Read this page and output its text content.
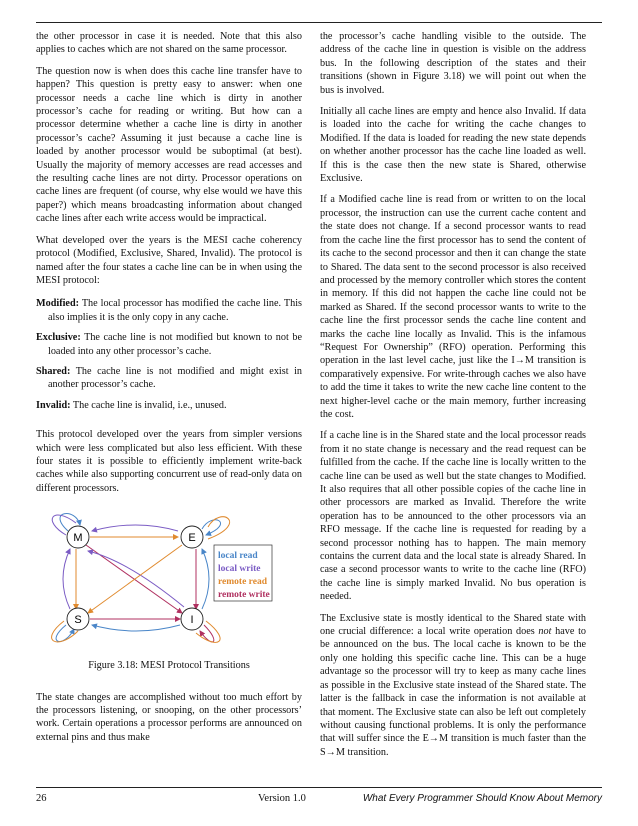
the other processor in case it is needed. Note that this also applies to caches which are not shared on the same processor.

The question now is when does this cache line transfer have to happen? This question is pretty easy to answer: when one processor needs a cache line which is dirty in another processor’s cache for reading or writing. But how can a processor determine whether a cache line is dirty in another processor’s cache? Assuming it just because a cache line is loaded by another processor would be suboptimal (at best). Usually the majority of memory accesses are read accesses and the resulting cache lines are not dirty. Processor operations on cache lines are frequent (of course, why else would we have this paper?) which means broadcasting information about changed cache lines after each write access would be impractical.

What developed over the years is the MESI cache coherency protocol (Modified, Exclusive, Shared, Invalid). The protocol is named after the four states a cache line can be in when using the MESI protocol:

Modified: The local processor has modified the cache line. This also implies it is the only copy in any cache.
Exclusive: The cache line is not modified but known to not be loaded into any other processor’s cache.
Shared: The cache line is not modified and might exist in another processor’s cache.
Invalid: The cache line is invalid, i.e., unused.

This protocol developed over the years from simpler versions which were less complicated but also less efficient. With these four states it is possible to efficiently implement write-back caches while also supporting concurrent use of read-only data on different processors.

M	E
S	I
local read
local write
remote read
remote write
Figure 3.18: MESI Protocol Transitions

The state changes are accomplished without too much effort by the processors listening, or snooping, on the other processors’ work. Certain operations a processor performs are announced on external pins and thus make

the processor’s cache handling visible to the outside. The address of the cache line in question is visible on the address bus. In the following description of the states and their transitions (shown in Figure 3.18) we will point out when the bus is involved.

Initially all cache lines are empty and hence also Invalid. If data is loaded into the cache for writing the cache changes to Modified. If the data is loaded for reading the new state depends on whether another processor has the cache line loaded as well. If this is the case then the new state is Shared, otherwise Exclusive.

If a Modified cache line is read from or written to on the local processor, the instruction can use the current cache content and the state does not change. If a second processor wants to read from the cache line the first processor has to send the content of its cache to the second processor and then it can change the state to Shared. The data sent to the second processor is also received and processed by the memory controller which stores the content in memory. If this did not happen the cache line could not be marked as Shared. If the second processor wants to write to the cache line the first processor sends the cache line content and marks the cache line locally as Invalid. This is the infamous “Request For Ownership” (RFO) operation. Performing this operation in the last level cache, just like the I→M transition is comparatively expensive. For write-through caches we also have to add the time it takes to write the new cache line content to the next higher-level cache or the main memory, further increasing the cost.

If a cache line is in the Shared state and the local processor reads from it no state change is necessary and the read request can be fulfilled from the cache. If the cache line is locally written to the cache line can be used as well but the state changes to Modified. It also requires that all other possible copies of the cache line in other processors are marked as Invalid. Therefore the write operation has to be announced to the other processors via an RFO message. If the cache line is requested for reading by a second processor nothing has to happen. The main memory contains the current data and the local state is already Shared. In case a second processor wants to write to the cache line (RFO) the cache line is simply marked Invalid. No bus operation is needed.

The Exclusive state is mostly identical to the Shared state with one crucial difference: a local write operation does not have to be announced on the bus. The local cache is known to be the only one holding this specific cache line. This can be a huge advantage so the processor will try to keep as many cache lines as possible in the Exclusive state instead of the Shared state. The latter is the fallback in case the information is not available at that moment. The Exclusive state can also be left out completely without causing functional problems. It is only the performance that will suffer since the E→M transition is much faster than the S→M transition.

26	Version 1.0	What Every Programmer Should Know About Memory
